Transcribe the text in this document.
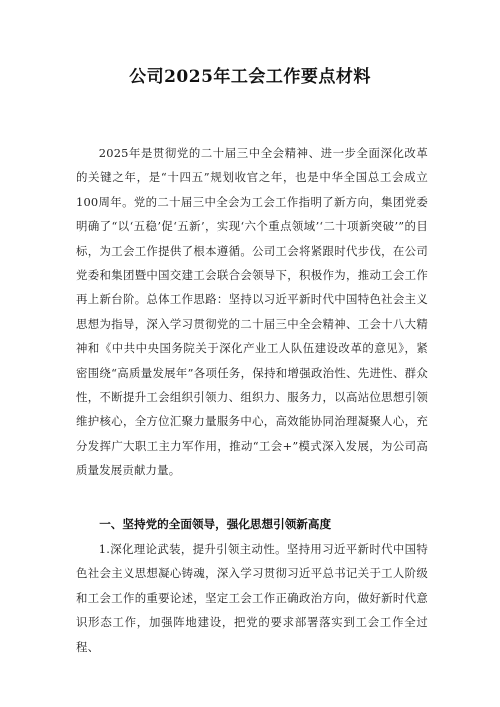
公司2025年工会工作要点材料

2025年是贯彻党的二十届三中全会精神、进一步全面深化改革的关键之年，是“十四五”规划收官之年，也是中华全国总工会成立100周年。党的二十届三中全会为工会工作指明了新方向，集团党委明确了“以‘五稳’促‘五新’，实现‘六个重点领域’‘二十项新突破’”的目标，为工会工作提供了根本遵循。公司工会将紧跟时代步伐，在公司党委和集团暨中国交建工会联合会领导下，积极作为，推动工会工作再上新台阶。总体工作思路：坚持以习近平新时代中国特色社会主义思想为指导，深入学习贯彻党的二十届三中全会精神、工会十八大精神和《中共中央国务院关于深化产业工人队伍建设改革的意见》，紧密围绕“高质量发展年”各项任务，保持和增强政治性、先进性、群众性，不断提升工会组织引领力、组织力、服务力，以高站位思想引领维护核心，全方位汇聚力量服务中心，高效能协同治理凝聚人心，充分发挥广大职工主力军作用，推动“工会+”模式深入发展，为公司高质量发展贡献力量。

一、坚持党的全面领导，强化思想引领新高度

1.深化理论武装，提升引领主动性。坚持用习近平新时代中国特色社会主义思想凝心铸魂，深入学习贯彻习近平总书记关于工人阶级和工会工作的重要论述，坚定工会工作正确政治方向，做好新时代意识形态工作，加强阵地建设，把党的要求部署落实到工会工作全过程、
